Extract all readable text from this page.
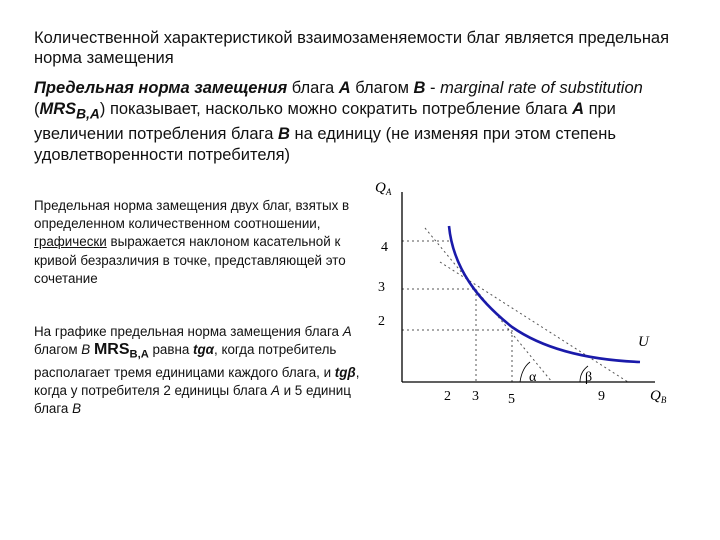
Количественной характеристикой взаимозаменяемости благ является предельная норма замещения
Предельная норма замещения блага А благом В - marginal rate of substitution $(MRS_{B,A})$ показывает, насколько можно сократить потребление блага А при увеличении потребления блага В на единицу (не изменяя при этом степень удовлетворенности потребителя)
Предельная норма замещения двух благ, взятых в определенном количественном соотношении, графически выражается наклоном касательной к кривой безразличия в точке, представляющей это сочетание
На графике предельная норма замещения блага А благом В $MRS_{B,A}$ равна tgα, когда потребитель располагает тремя единицами каждого блага, и tgβ, когда у потребителя 2 единицы блага А и 5 единиц блага В
$Q_A$
4
3
2
2 3 5	9	$Q_B$
U
α	β
